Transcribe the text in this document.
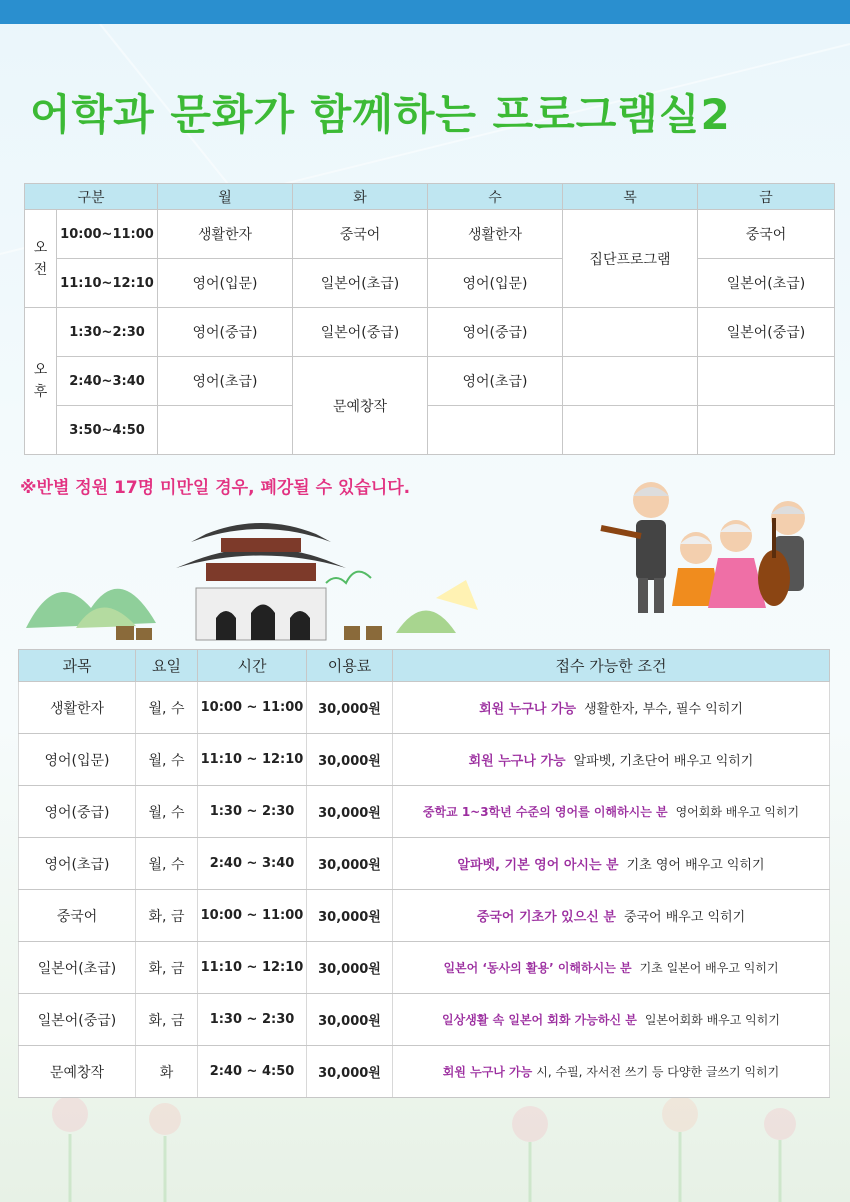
어학과 문화가 함께하는 프로그램실2
구분		월	화	수	목	금
오
전	10:00~11:00	생활한자	중국어	생활한자	집단프로그램	중국어
	11:10~12:10	영어(입문)	일본어(초급)	영어(입문)		일본어(초급)
오
후	1:30~2:30	영어(중급)	일본어(중급)	영어(중급)		일본어(중급)
	2:40~3:40	영어(초급)	문예창작	영어(초급)		
	3:50~4:50					
※반별 정원 17명 미만일 경우, 폐강될 수 있습니다.
과목	요일	시간	이용료	접수 가능한 조건
생활한자	월, 수	10:00 ~ 11:00	30,000원	회원 누구나 가능 생활한자, 부수, 필수 익히기
영어(입문)	월, 수	11:10 ~ 12:10	30,000원	회원 누구나 가능 알파벳, 기초단어 배우고 익히기
영어(중급)	월, 수	1:30 ~ 2:30	30,000원	중학교 1~3학년 수준의 영어를 이해하시는 분 영어회화 배우고 익히기
영어(초급)	월, 수	2:40 ~ 3:40	30,000원	알파벳, 기본 영어 아시는 분 기초 영어 배우고 익히기
중국어	화, 금	10:00 ~ 11:00	30,000원	중국어 기초가 있으신 분 중국어 배우고 익히기
일본어(초급)	화, 금	11:10 ~ 12:10	30,000원	일본어 ‘동사의 활용’ 이해하시는 분 기초 일본어 배우고 익히기
일본어(중급)	화, 금	1:30 ~ 2:30	30,000원	일상생활 속 일본어 회화 가능하신 분 일본어회화 배우고 익히기
문예창작	화	2:40 ~ 4:50	30,000원	회원 누구나 가능 시, 수필, 자서전 쓰기 등 다양한 글쓰기 익히기
